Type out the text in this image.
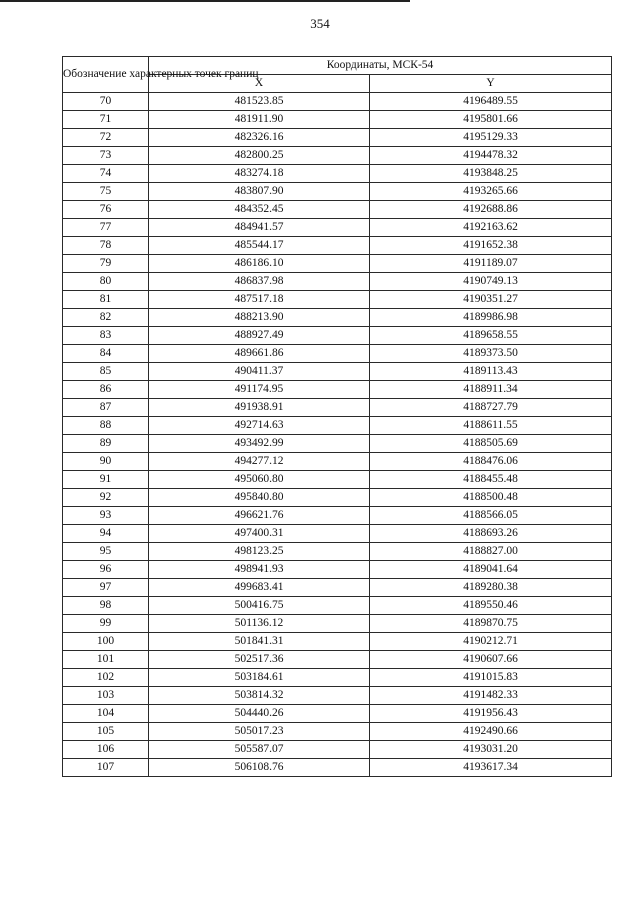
354
Обозначение характерных точек границ	Координаты, МСК-54	
	X	Y
70	481523.85	4196489.55
71	481911.90	4195801.66
72	482326.16	4195129.33
73	482800.25	4194478.32
74	483274.18	4193848.25
75	483807.90	4193265.66
76	484352.45	4192688.86
77	484941.57	4192163.62
78	485544.17	4191652.38
79	486186.10	4191189.07
80	486837.98	4190749.13
81	487517.18	4190351.27
82	488213.90	4189986.98
83	488927.49	4189658.55
84	489661.86	4189373.50
85	490411.37	4189113.43
86	491174.95	4188911.34
87	491938.91	4188727.79
88	492714.63	4188611.55
89	493492.99	4188505.69
90	494277.12	4188476.06
91	495060.80	4188455.48
92	495840.80	4188500.48
93	496621.76	4188566.05
94	497400.31	4188693.26
95	498123.25	4188827.00
96	498941.93	4189041.64
97	499683.41	4189280.38
98	500416.75	4189550.46
99	501136.12	4189870.75
100	501841.31	4190212.71
101	502517.36	4190607.66
102	503184.61	4191015.83
103	503814.32	4191482.33
104	504440.26	4191956.43
105	505017.23	4192490.66
106	505587.07	4193031.20
107	506108.76	4193617.34
